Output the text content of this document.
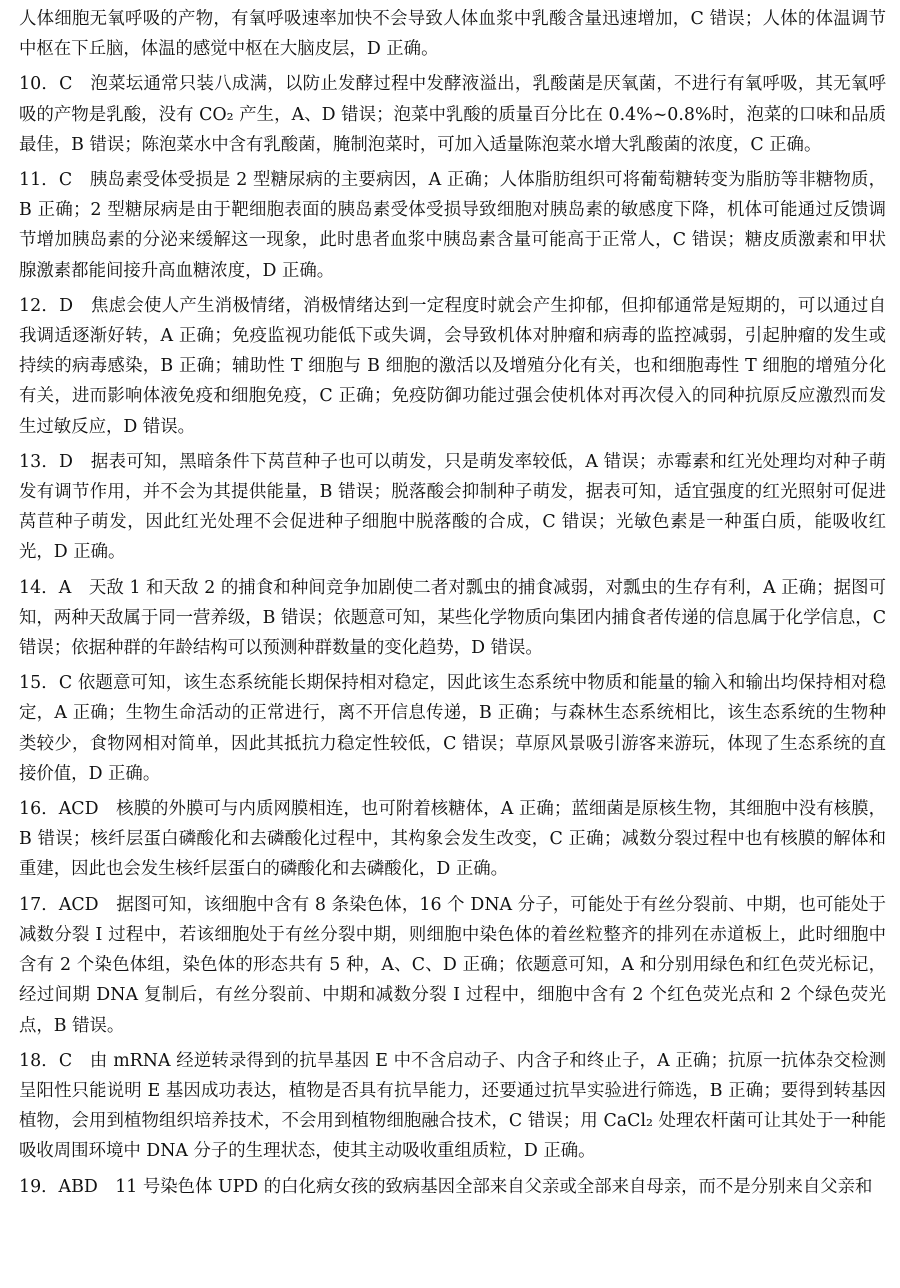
人体细胞无氧呼吸的产物，有氧呼吸速率加快不会导致人体血浆中乳酸含量迅速增加，C 错误；人体的体温调节中枢在下丘脑，体温的感觉中枢在大脑皮层，D 正确。

10．C　泡菜坛通常只装八成满，以防止发酵过程中发酵液溢出，乳酸菌是厌氧菌，不进行有氧呼吸，其无氧呼吸的产物是乳酸，没有 CO₂ 产生，A、D 错误；泡菜中乳酸的质量百分比在 0.4%~0.8%时，泡菜的口味和品质最佳，B 错误；陈泡菜水中含有乳酸菌，腌制泡菜时，可加入适量陈泡菜水增大乳酸菌的浓度，C 正确。

11．C　胰岛素受体受损是 2 型糖尿病的主要病因，A 正确；人体脂肪组织可将葡萄糖转变为脂肪等非糖物质，B 正确；2 型糖尿病是由于靶细胞表面的胰岛素受体受损导致细胞对胰岛素的敏感度下降，机体可能通过反馈调节增加胰岛素的分泌来缓解这一现象，此时患者血浆中胰岛素含量可能高于正常人，C 错误；糖皮质激素和甲状腺激素都能间接升高血糖浓度，D 正确。

12．D　焦虑会使人产生消极情绪，消极情绪达到一定程度时就会产生抑郁，但抑郁通常是短期的，可以通过自我调适逐渐好转，A 正确；免疫监视功能低下或失调，会导致机体对肿瘤和病毒的监控减弱，引起肿瘤的发生或持续的病毒感染，B 正确；辅助性 T 细胞与 B 细胞的激活以及增殖分化有关，也和细胞毒性 T 细胞的增殖分化有关，进而影响体液免疫和细胞免疫，C 正确；免疫防御功能过强会使机体对再次侵入的同种抗原反应激烈而发生过敏反应，D 错误。

13．D　据表可知，黑暗条件下莴苣种子也可以萌发，只是萌发率较低，A 错误；赤霉素和红光处理均对种子萌发有调节作用，并不会为其提供能量，B 错误；脱落酸会抑制种子萌发，据表可知，适宜强度的红光照射可促进莴苣种子萌发，因此红光处理不会促进种子细胞中脱落酸的合成，C 错误；光敏色素是一种蛋白质，能吸收红光，D 正确。

14．A　天敌 1 和天敌 2 的捕食和种间竞争加剧使二者对瓢虫的捕食减弱，对瓢虫的生存有利，A 正确；据图可知，两种天敌属于同一营养级，B 错误；依题意可知，某些化学物质向集团内捕食者传递的信息属于化学信息，C 错误；依据种群的年龄结构可以预测种群数量的变化趋势，D 错误。

15．C 依题意可知，该生态系统能长期保持相对稳定，因此该生态系统中物质和能量的输入和输出均保持相对稳定，A 正确；生物生命活动的正常进行，离不开信息传递，B 正确；与森林生态系统相比，该生态系统的生物种类较少，食物网相对简单，因此其抵抗力稳定性较低，C 错误；草原风景吸引游客来游玩，体现了生态系统的直接价值，D 正确。

16．ACD　核膜的外膜可与内质网膜相连，也可附着核糖体，A 正确；蓝细菌是原核生物，其细胞中没有核膜，B 错误；核纤层蛋白磷酸化和去磷酸化过程中，其构象会发生改变，C 正确；减数分裂过程中也有核膜的解体和重建，因此也会发生核纤层蛋白的磷酸化和去磷酸化，D 正确。

17．ACD　据图可知，该细胞中含有 8 条染色体，16 个 DNA 分子，可能处于有丝分裂前、中期，也可能处于减数分裂 I 过程中，若该细胞处于有丝分裂中期，则细胞中染色体的着丝粒整齐的排列在赤道板上，此时细胞中含有 2 个染色体组，染色体的形态共有 5 种，A、C、D 正确；依题意可知，A 和分别用绿色和红色荧光标记，经过间期 DNA 复制后，有丝分裂前、中期和减数分裂 I 过程中，细胞中含有 2 个红色荧光点和 2 个绿色荧光点，B 错误。

18．C　由 mRNA 经逆转录得到的抗旱基因 E 中不含启动子、内含子和终止子，A 正确；抗原一抗体杂交检测呈阳性只能说明 E 基因成功表达，植物是否具有抗旱能力，还要通过抗旱实验进行筛选，B 正确；要得到转基因植物，会用到植物组织培养技术，不会用到植物细胞融合技术，C 错误；用 CaCl₂ 处理农杆菌可让其处于一种能吸收周围环境中 DNA 分子的生理状态，使其主动吸收重组质粒，D 正确。

19．ABD　11 号染色体 UPD 的白化病女孩的致病基因全部来自父亲或全部来自母亲，而不是分别来自父亲和
